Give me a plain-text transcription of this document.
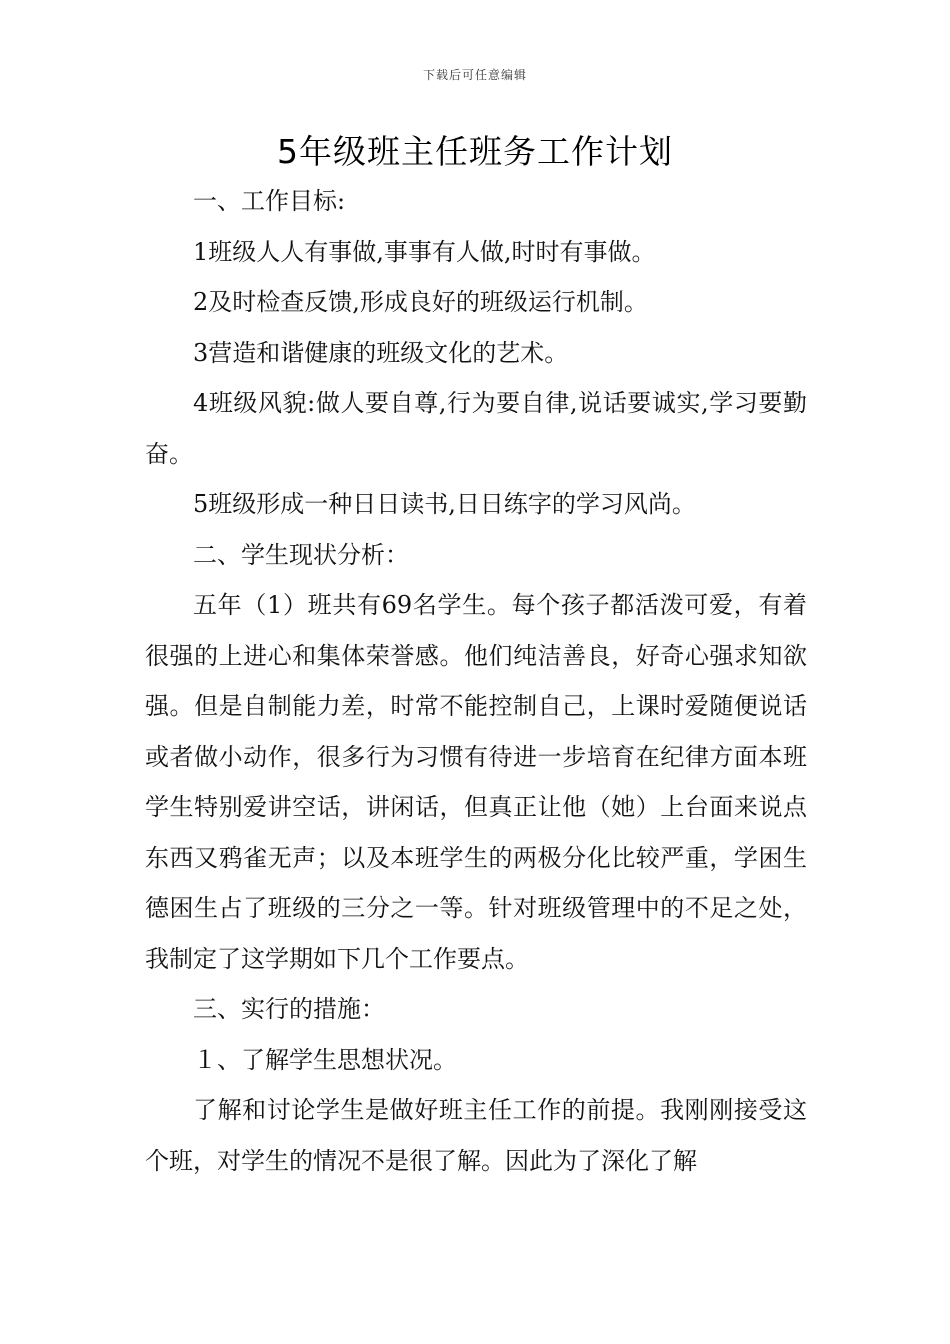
下载后可任意编辑
5年级班主任班务工作计划

一、工作目标:

1班级人人有事做,事事有人做,时时有事做。

2及时检查反馈,形成良好的班级运行机制。

3营造和谐健康的班级文化的艺术。

4班级风貌:做人要自尊,行为要自律,说话要诚实,学习要勤奋。

5班级形成一种日日读书,日日练字的学习风尚。

二、学生现状分析：

五年（1）班共有69名学生。每个孩子都活泼可爱，有着很强的上进心和集体荣誉感。他们纯洁善良，好奇心强求知欲强。但是自制能力差，时常不能控制自己，上课时爱随便说话或者做小动作，很多行为习惯有待进一步培育在纪律方面本班学生特别爱讲空话，讲闲话，但真正让他（她）上台面来说点东西又鸦雀无声；以及本班学生的两极分化比较严重，学困生德困生占了班级的三分之一等。针对班级管理中的不足之处，我制定了这学期如下几个工作要点。

三、实行的措施：

１、了解学生思想状况。

了解和讨论学生是做好班主任工作的前提。我刚刚接受这个班，对学生的情况不是很了解。因此为了深化了解
